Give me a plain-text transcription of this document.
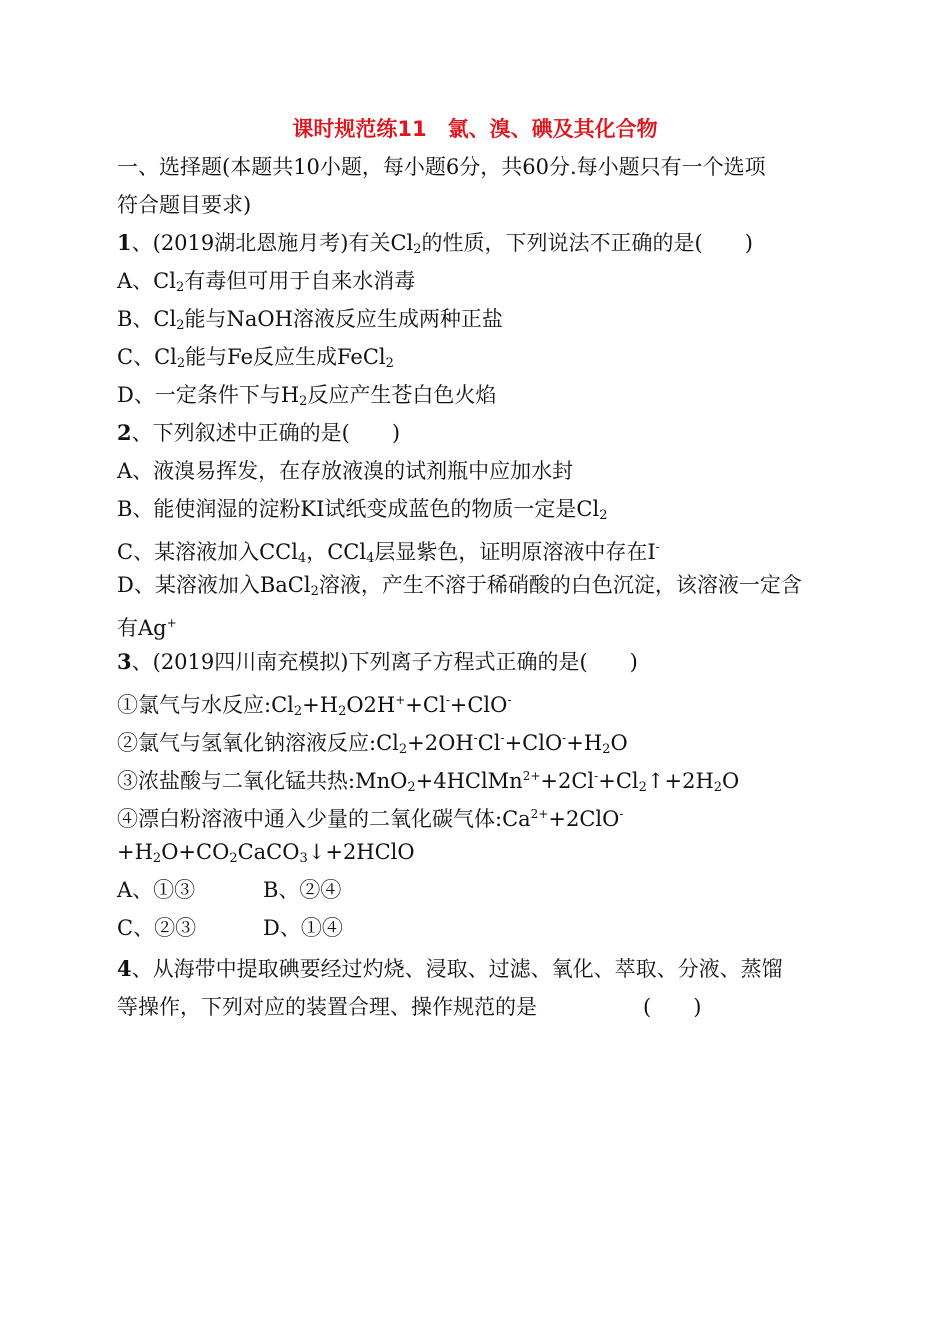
课时规范练11　氯、溴、碘及其化合物
一、选择题(本题共10小题，每小题6分，共60分.每小题只有一个选项
符合题目要求)
1、(2019湖北恩施月考)有关$Cl_2$的性质，下列说法不正确的是(　　)
A、$Cl_2$有毒但可用于自来水消毒
B、$Cl_2$能与NaOH溶液反应生成两种正盐
C、$Cl_2$能与Fe反应生成FeCl$_2$
D、一定条件下与$H_2$反应产生苍白色火焰
2、下列叙述中正确的是(　　)
A、液溴易挥发，在存放液溴的试剂瓶中应加水封
B、能使润湿的淀粉KI试纸变成蓝色的物质一定是$Cl_2$
C、某溶液加入CCl$_4$，CCl$_4$层显紫色，证明原溶液中存在I-
D、某溶液加入BaCl$_2$溶液，产生不溶于稀硝酸的白色沉淀，该溶液一定含
有Ag+
3、(2019四川南充模拟)下列离子方程式正确的是(　　)
①氯气与水反应$:Cl_2+H_2O2H^++Cl^-+ClO^-$
②氯气与氢氧化钠溶液反应$:Cl_2+2OH^-Cl^-+ClO^-+H_2O$
③浓盐酸与二氧化锰共热$:MnO_2+4HClMn^{2+}+2Cl^-+Cl_2↑+2H_2O$
④漂白粉溶液中通入少量的二氧化碳气体$:Ca^{2+}+2ClO^-$
$+H_2O+CO_2CaCO_3↓+2HClO$
A、①③	B、②④
C、②③	D、①④
4、从海带中提取碘要经过灼烧、浸取、过滤、氧化、萃取、分液、蒸馏
等操作，下列对应的装置合理、操作规范的是	(　　)
